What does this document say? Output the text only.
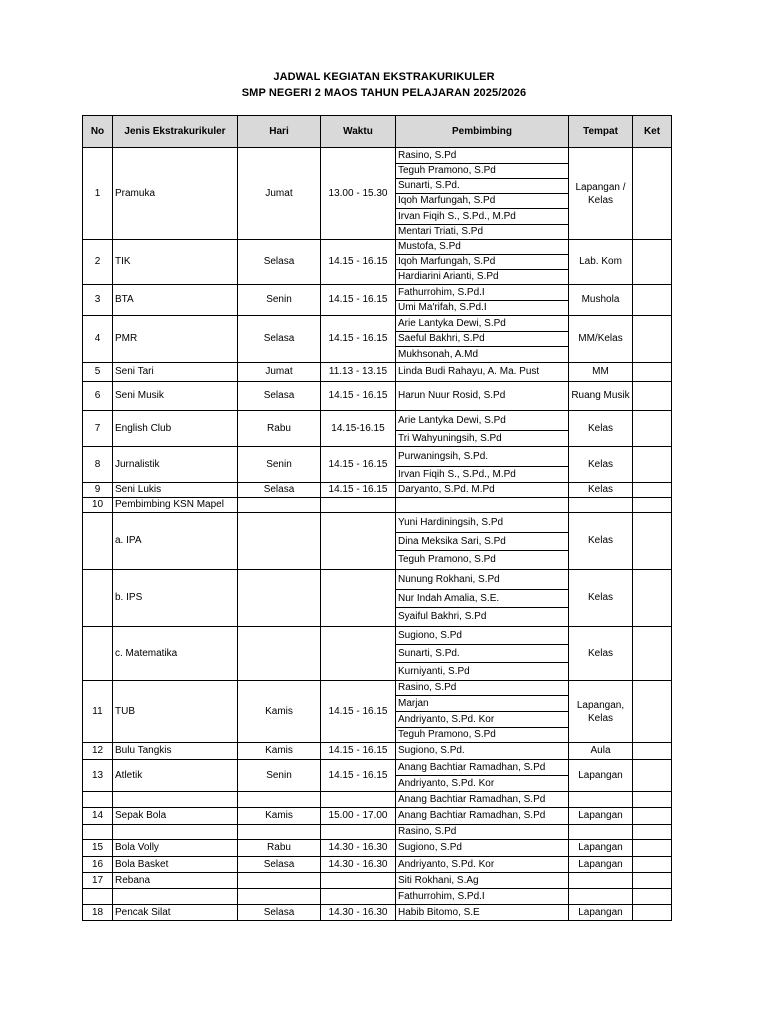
JADWAL KEGIATAN EKSTRAKURIKULER
SMP NEGERI 2 MAOS TAHUN PELAJARAN 2025/2026
No	Jenis Ekstrakurikuler	Hari	Waktu	Pembimbing	Tempat	Ket
1	Pramuka	Jumat	13.00 - 15.30	Rasino, S.Pd	Lapangan / Kelas	
				Teguh Pramono, S.Pd		
				Sunarti, S.Pd.		
				Iqoh Marfungah, S.Pd		
				Irvan Fiqih S., S.Pd., M.Pd		
				Mentari Triati, S.Pd		
2	TIK	Selasa	14.15 - 16.15	Mustofa, S.Pd	Lab. Kom	
				Iqoh Marfungah, S.Pd		
				Hardiarini Arianti, S.Pd		
3	BTA	Senin	14.15 - 16.15	Fathurrohim, S.Pd.I	Mushola	
				Umi Ma'rifah, S.Pd.I		
4	PMR	Selasa	14.15 - 16.15	Arie Lantyka Dewi, S.Pd	MM/Kelas	
				Saeful Bakhri, S.Pd		
				Mukhsonah, A.Md		
5	Seni Tari	Jumat	11.13 - 13.15	Linda Budi Rahayu, A. Ma. Pust	MM	
6	Seni Musik	Selasa	14.15 - 16.15	Harun Nuur Rosid, S.Pd	Ruang Musik	
7	English Club	Rabu	14.15-16.15	Arie Lantyka Dewi, S.Pd	Kelas	
				Tri Wahyuningsih, S.Pd		
8	Jurnalistik	Senin	14.15 - 16.15	Purwaningsih, S.Pd.	Kelas	
				Irvan Fiqih S., S.Pd., M.Pd		
9	Seni Lukis	Selasa	14.15 - 16.15	Daryanto, S.Pd. M.Pd	Kelas	
10	Pembimbing KSN Mapel					
	a. IPA			Yuni Hardiningsih, S.Pd	Kelas	
				Dina Meksika Sari, S.Pd		
				Teguh Pramono, S.Pd		
	b. IPS			Nunung Rokhani, S.Pd	Kelas	
				Nur Indah Amalia, S.E.		
				Syaiful Bakhri, S.Pd		
	c. Matematika			Sugiono, S.Pd	Kelas	
				Sunarti, S.Pd.		
				Kurniyanti, S.Pd		
11	TUB	Kamis	14.15 - 16.15	Rasino, S.Pd	Lapangan, Kelas	
				Marjan		
				Andriyanto, S.Pd. Kor		
				Teguh Pramono, S.Pd		
12	Bulu Tangkis	Kamis	14.15 - 16.15	Sugiono, S.Pd.	Aula	
13	Atletik	Senin	14.15 - 16.15	Anang Bachtiar Ramadhan, S.Pd	Lapangan	
				Andriyanto, S.Pd. Kor		
				Anang Bachtiar Ramadhan, S.Pd		
14	Sepak Bola	Kamis	15.00 - 17.00	Anang Bachtiar Ramadhan, S.Pd	Lapangan	
				Rasino, S.Pd		
15	Bola Volly	Rabu	14.30 - 16.30	Sugiono, S.Pd	Lapangan	
16	Bola Basket	Selasa	14.30 - 16.30	Andriyanto, S.Pd. Kor	Lapangan	
17	Rebana			Siti Rokhani, S.Ag		
				Fathurrohim, S.Pd.I		
18	Pencak Silat	Selasa	14.30 - 16.30	Habib Bitomo, S.E	Lapangan	
